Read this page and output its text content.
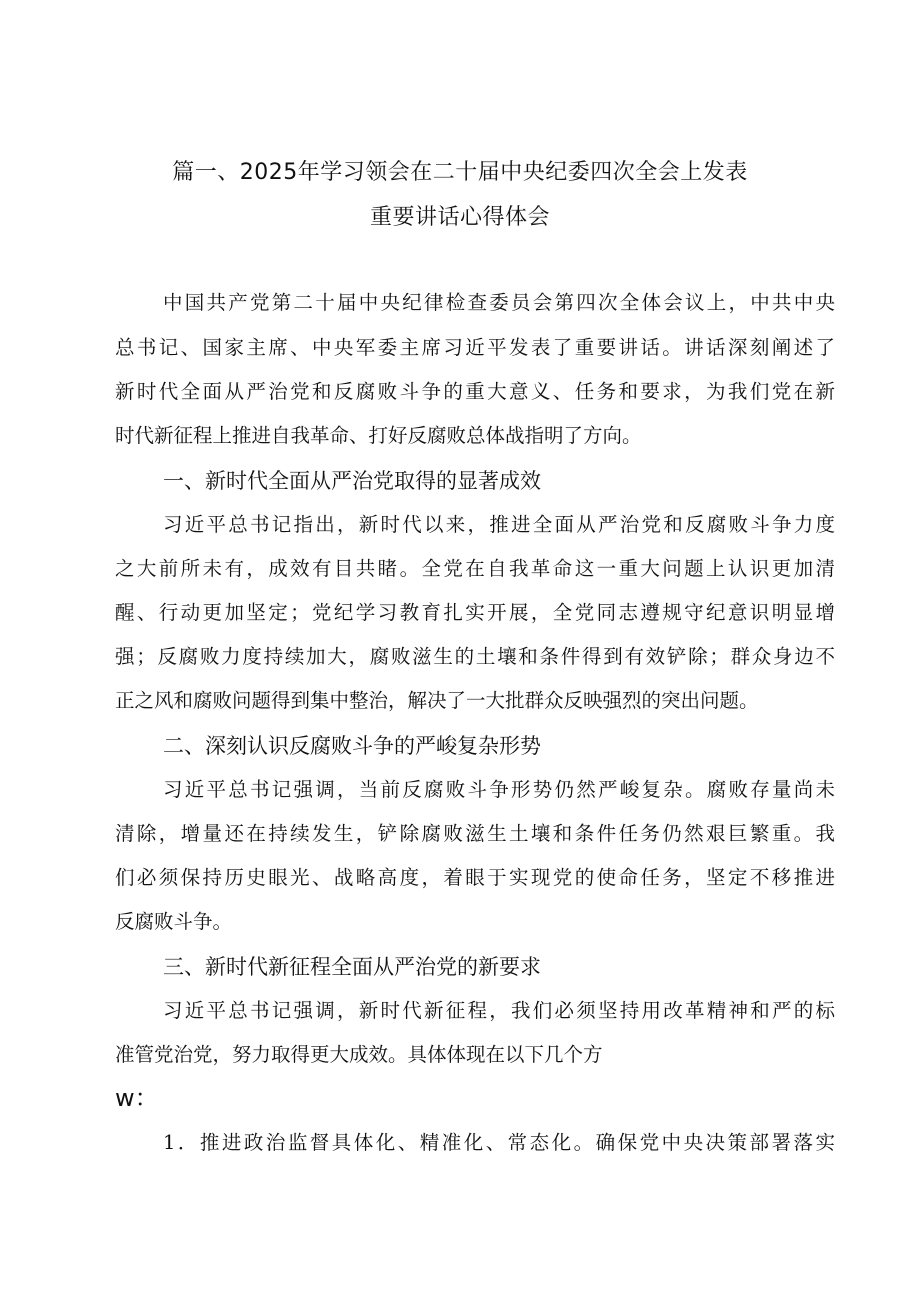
篇一、2025年学习领会在二十届中央纪委四次全会上发表
重要讲话心得体会
中国共产党第二十届中央纪律检查委员会第四次全体会议上，中共中央
总书记、国家主席、中央军委主席习近平发表了重要讲话。讲话深刻阐述了
新时代全面从严治党和反腐败斗争的重大意义、任务和要求，为我们党在新
时代新征程上推进自我革命、打好反腐败总体战指明了方向。
一、新时代全面从严治党取得的显著成效
习近平总书记指出，新时代以来，推进全面从严治党和反腐败斗争力度
之大前所未有，成效有目共睹。全党在自我革命这一重大问题上认识更加清
醒、行动更加坚定；党纪学习教育扎实开展，全党同志遵规守纪意识明显增
强；反腐败力度持续加大，腐败滋生的土壤和条件得到有效铲除；群众身边不
正之风和腐败问题得到集中整治，解决了一大批群众反映强烈的突出问题。
二、深刻认识反腐败斗争的严峻复杂形势
习近平总书记强调，当前反腐败斗争形势仍然严峻复杂。腐败存量尚未
清除，增量还在持续发生，铲除腐败滋生土壤和条件任务仍然艰巨繁重。我
们必须保持历史眼光、战略高度，着眼于实现党的使命任务，坚定不移推进
反腐败斗争。
三、新时代新征程全面从严治党的新要求
习近平总书记强调，新时代新征程，我们必须坚持用改革精神和严的标
准管党治党，努力取得更大成效。具体体现在以下几个方
w：
1．推进政治监督具体化、精准化、常态化。确保党中央决策部署落实
